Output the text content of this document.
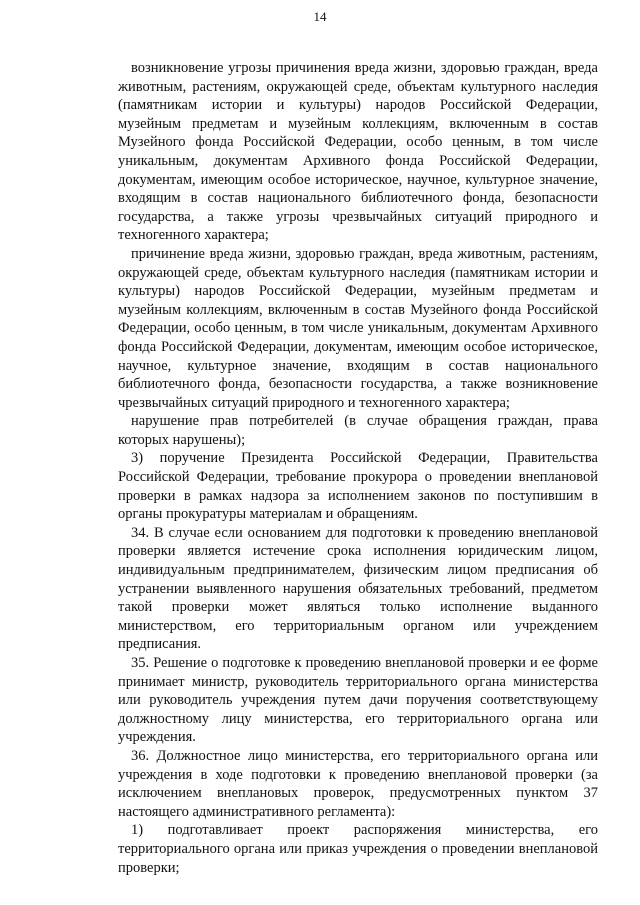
14

возникновение угрозы причинения вреда жизни, здоровью граждан, вреда животным, растениям, окружающей среде, объектам культурного наследия (памятникам истории и культуры) народов Российской Федерации, музейным предметам и музейным коллекциям, включенным в состав Музейного фонда Российской Федерации, особо ценным, в том числе уникальным, документам Архивного фонда Российской Федерации, документам, имеющим особое историческое, научное, культурное значение, входящим в состав национального библиотечного фонда, безопасности государства, а также угрозы чрезвычайных ситуаций природного и техногенного характера;

причинение вреда жизни, здоровью граждан, вреда животным, растениям, окружающей среде, объектам культурного наследия (памятникам истории и культуры) народов Российской Федерации, музейным предметам и музейным коллекциям, включенным в состав Музейного фонда Российской Федерации, особо ценным, в том числе уникальным, документам Архивного фонда Российской Федерации, документам, имеющим особое историческое, научное, культурное значение, входящим в состав национального библиотечного фонда, безопасности государства, а также возникновение чрезвычайных ситуаций природного и техногенного характера;

нарушение прав потребителей (в случае обращения граждан, права которых нарушены);

3) поручение Президента Российской Федерации, Правительства Российской Федерации, требование прокурора о проведении внеплановой проверки в рамках надзора за исполнением законов по поступившим в органы прокуратуры материалам и обращениям.

34. В случае если основанием для подготовки к проведению внеплановой проверки является истечение срока исполнения юридическим лицом, индивидуальным предпринимателем, физическим лицом предписания об устранении выявленного нарушения обязательных требований, предметом такой проверки может являться только исполнение выданного министерством, его территориальным органом или учреждением предписания.

35. Решение о подготовке к проведению внеплановой проверки и ее форме принимает министр, руководитель территориального органа министерства или руководитель учреждения путем дачи поручения соответствующему должностному лицу министерства, его территориального органа или учреждения.

36. Должностное лицо министерства, его территориального органа или учреждения в ходе подготовки к проведению внеплановой проверки (за исключением внеплановых проверок, предусмотренных пунктом 37 настоящего административного регламента):

1) подготавливает проект распоряжения министерства, его территориального органа или приказ учреждения о проведении внеплановой проверки;
